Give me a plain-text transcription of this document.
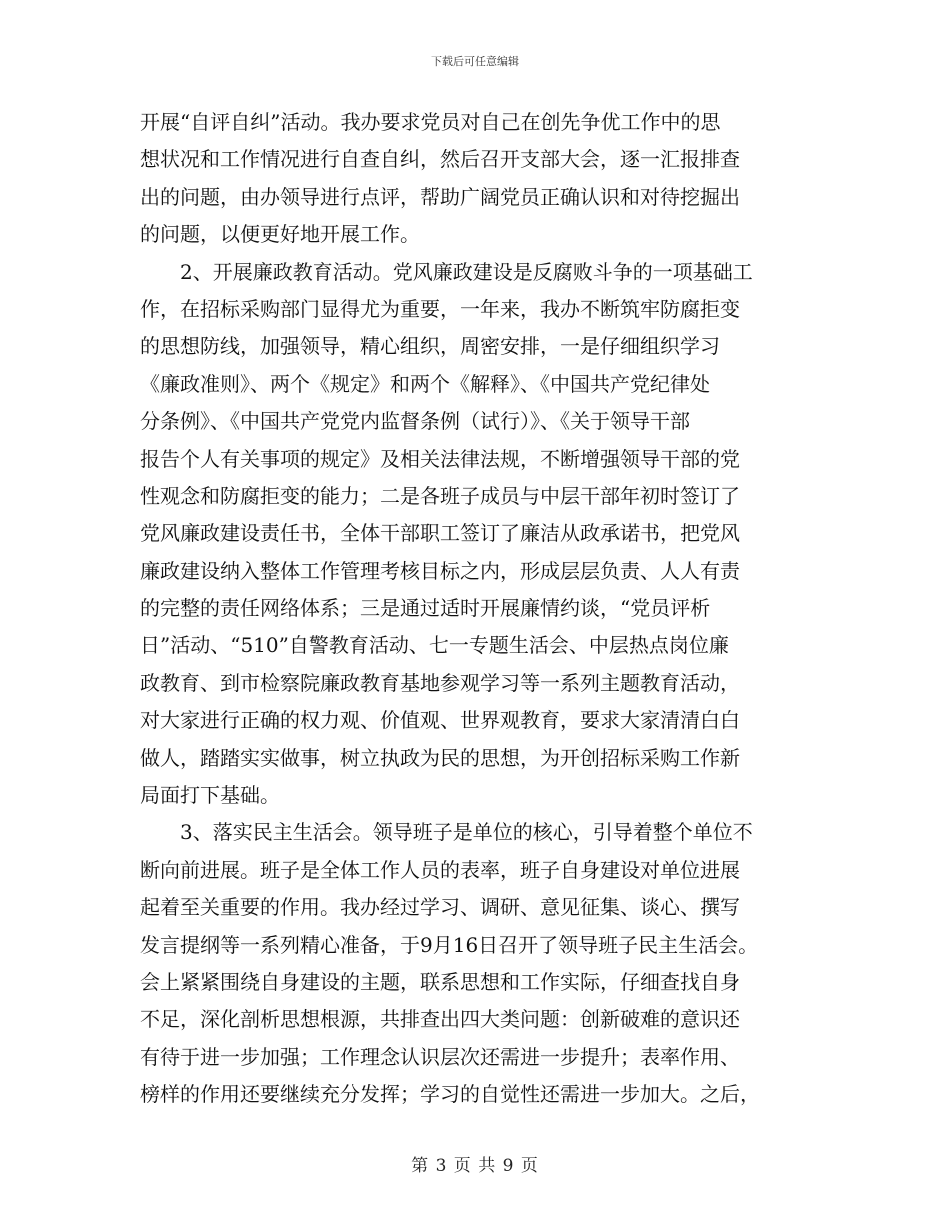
下载后可任意编辑
开展“自评自纠”活动。我办要求党员对自己在创先争优工作中的思
想状况和工作情况进行自查自纠，然后召开支部大会，逐一汇报排查
出的问题，由办领导进行点评，帮助广阔党员正确认识和对待挖掘出
的问题，以便更好地开展工作。
　　2、开展廉政教育活动。党风廉政建设是反腐败斗争的一项基础工
作，在招标采购部门显得尤为重要，一年来，我办不断筑牢防腐拒变
的思想防线，加强领导，精心组织，周密安排，一是仔细组织学习
《廉政准则》、两个《规定》和两个《解释》、《中国共产党纪律处
分条例》、《中国共产党党内监督条例（试行）》、《关于领导干部
报告个人有关事项的规定》及相关法律法规，不断增强领导干部的党
性观念和防腐拒变的能力；二是各班子成员与中层干部年初时签订了
党风廉政建设责任书，全体干部职工签订了廉洁从政承诺书，把党风
廉政建设纳入整体工作管理考核目标之内，形成层层负责、人人有责
的完整的责任网络体系；三是通过适时开展廉情约谈，“党员评析
日”活动、“510”自警教育活动、七一专题生活会、中层热点岗位廉
政教育、到市检察院廉政教育基地参观学习等一系列主题教育活动，
对大家进行正确的权力观、价值观、世界观教育，要求大家清清白白
做人，踏踏实实做事，树立执政为民的思想，为开创招标采购工作新
局面打下基础。
　　3、落实民主生活会。领导班子是单位的核心，引导着整个单位不
断向前进展。班子是全体工作人员的表率，班子自身建设对单位进展
起着至关重要的作用。我办经过学习、调研、意见征集、谈心、撰写
发言提纲等一系列精心准备，于9月16日召开了领导班子民主生活会。
会上紧紧围绕自身建设的主题，联系思想和工作实际，仔细查找自身
不足，深化剖析思想根源，共排查出四大类问题：创新破难的意识还
有待于进一步加强；工作理念认识层次还需进一步提升；表率作用、
榜样的作用还要继续充分发挥；学习的自觉性还需进一步加大。之后，
第 3 页 共 9 页
